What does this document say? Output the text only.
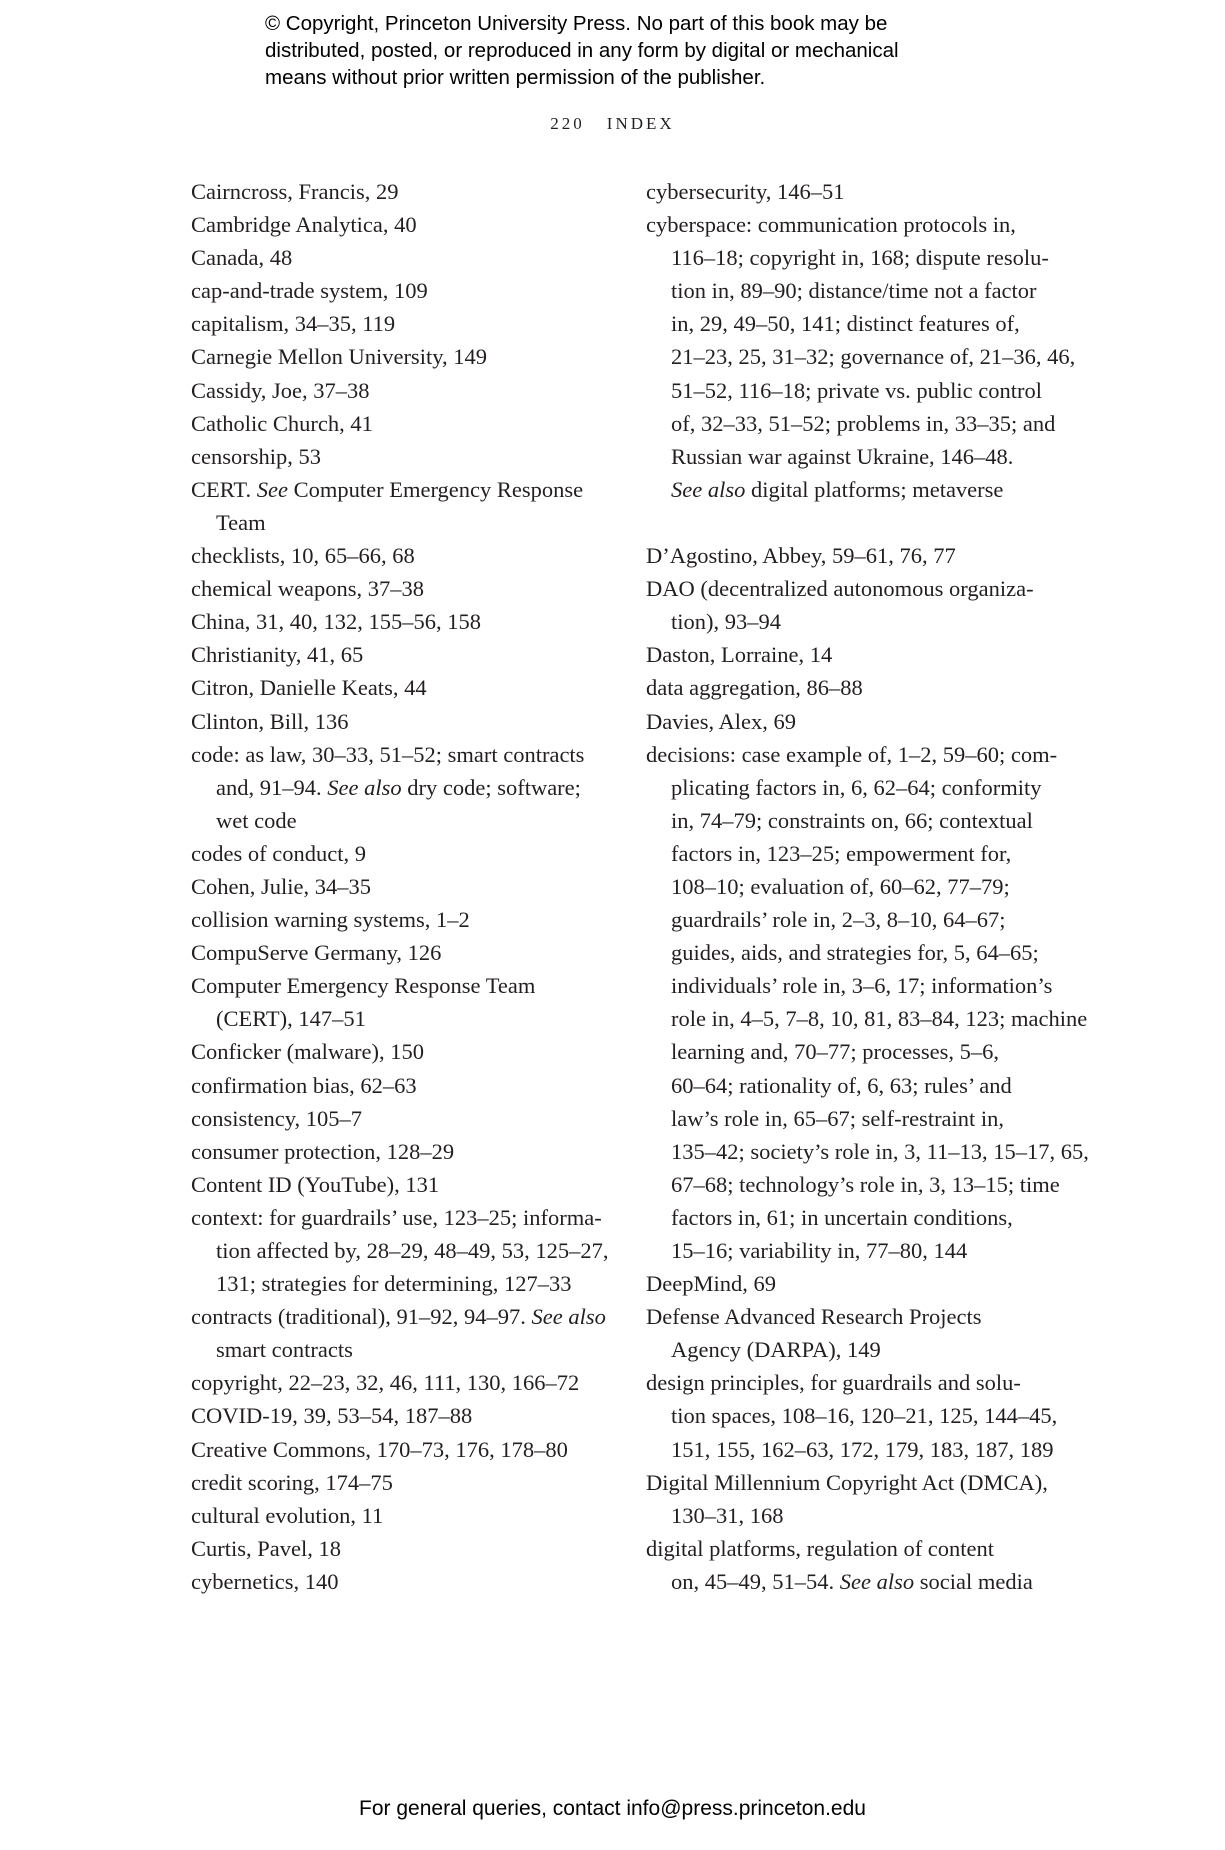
© Copyright, Princeton University Press. No part of this book may be
distributed, posted, or reproduced in any form by digital or mechanical
means without prior written permission of the publisher.
220 INDEX
Cairncross, Francis, 29
Cambridge Analytica, 40
Canada, 48
cap-and-trade system, 109
capitalism, 34–35, 119
Carnegie Mellon University, 149
Cassidy, Joe, 37–38
Catholic Church, 41
censorship, 53
CERT. See Computer Emergency Response
Team
checklists, 10, 65–66, 68
chemical weapons, 37–38
China, 31, 40, 132, 155–56, 158
Christianity, 41, 65
Citron, Danielle Keats, 44
Clinton, Bill, 136
code: as law, 30–33, 51–52; smart contracts
and, 91–94. See also dry code; software;
wet code
codes of conduct, 9
Cohen, Julie, 34–35
collision warning systems, 1–2
CompuServe Germany, 126
Computer Emergency Response Team
(CERT), 147–51
Conficker (malware), 150
confirmation bias, 62–63
consistency, 105–7
consumer protection, 128–29
Content ID (YouTube), 131
context: for guardrails’ use, 123–25; informa-
tion affected by, 28–29, 48–49, 53, 125–27,
131; strategies for determining, 127–33
contracts (traditional), 91–92, 94–97. See also
smart contracts
copyright, 22–23, 32, 46, 111, 130, 166–72
COVID-19, 39, 53–54, 187–88
Creative Commons, 170–73, 176, 178–80
credit scoring, 174–75
cultural evolution, 11
Curtis, Pavel, 18
cybernetics, 140
cybersecurity, 146–51
cyberspace: communication protocols in,
116–18; copyright in, 168; dispute resolu-
tion in, 89–90; distance/time not a factor
in, 29, 49–50, 141; distinct features of,
21–23, 25, 31–32; governance of, 21–36, 46,
51–52, 116–18; private vs. public control
of, 32–33, 51–52; problems in, 33–35; and
Russian war against Ukraine, 146–48.
See also digital platforms; metaverse
D’Agostino, Abbey, 59–61, 76, 77
DAO (decentralized autonomous organiza-
tion), 93–94
Daston, Lorraine, 14
data aggregation, 86–88
Davies, Alex, 69
decisions: case example of, 1–2, 59–60; com-
plicating factors in, 6, 62–64; conformity
in, 74–79; constraints on, 66; contextual
factors in, 123–25; empowerment for,
108–10; evaluation of, 60–62, 77–79;
guardrails’ role in, 2–3, 8–10, 64–67;
guides, aids, and strategies for, 5, 64–65;
individuals’ role in, 3–6, 17; information’s
role in, 4–5, 7–8, 10, 81, 83–84, 123; machine
learning and, 70–77; processes, 5–6,
60–64; rationality of, 6, 63; rules’ and
law’s role in, 65–67; self-restraint in,
135–42; society’s role in, 3, 11–13, 15–17, 65,
67–68; technology’s role in, 3, 13–15; time
factors in, 61; in uncertain conditions,
15–16; variability in, 77–80, 144
DeepMind, 69
Defense Advanced Research Projects
Agency (DARPA), 149
design principles, for guardrails and solu-
tion spaces, 108–16, 120–21, 125, 144–45,
151, 155, 162–63, 172, 179, 183, 187, 189
Digital Millennium Copyright Act (DMCA),
130–31, 168
digital platforms, regulation of content
on, 45–49, 51–54. See also social media
For general queries, contact info@press.princeton.edu
